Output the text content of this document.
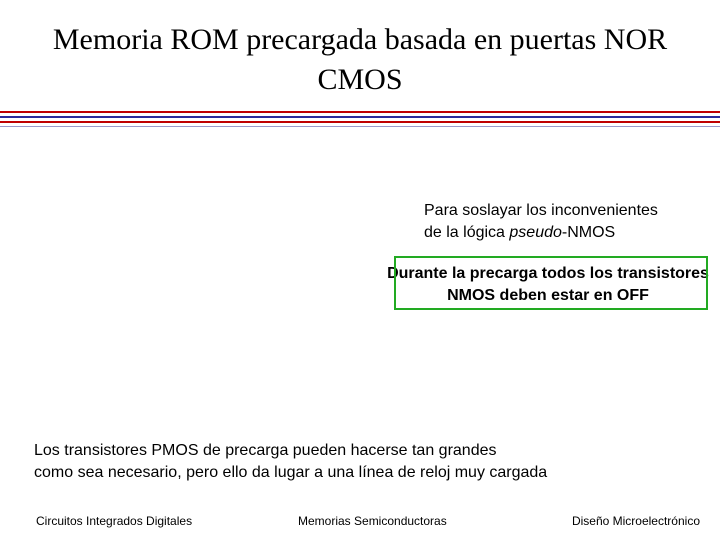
Memoria ROM precargada basada en puertas NOR
CMOS
Para soslayar los inconvenientes
de la lógica pseudo-NMOS
Durante la precarga todos los transistores
NMOS deben estar en OFF
Los transistores PMOS de precarga pueden hacerse tan grandes
como sea necesario, pero ello da lugar a una línea de reloj muy cargada
Circuitos Integrados Digitales	Memorias Semiconductoras	Diseño Microelectrónico
